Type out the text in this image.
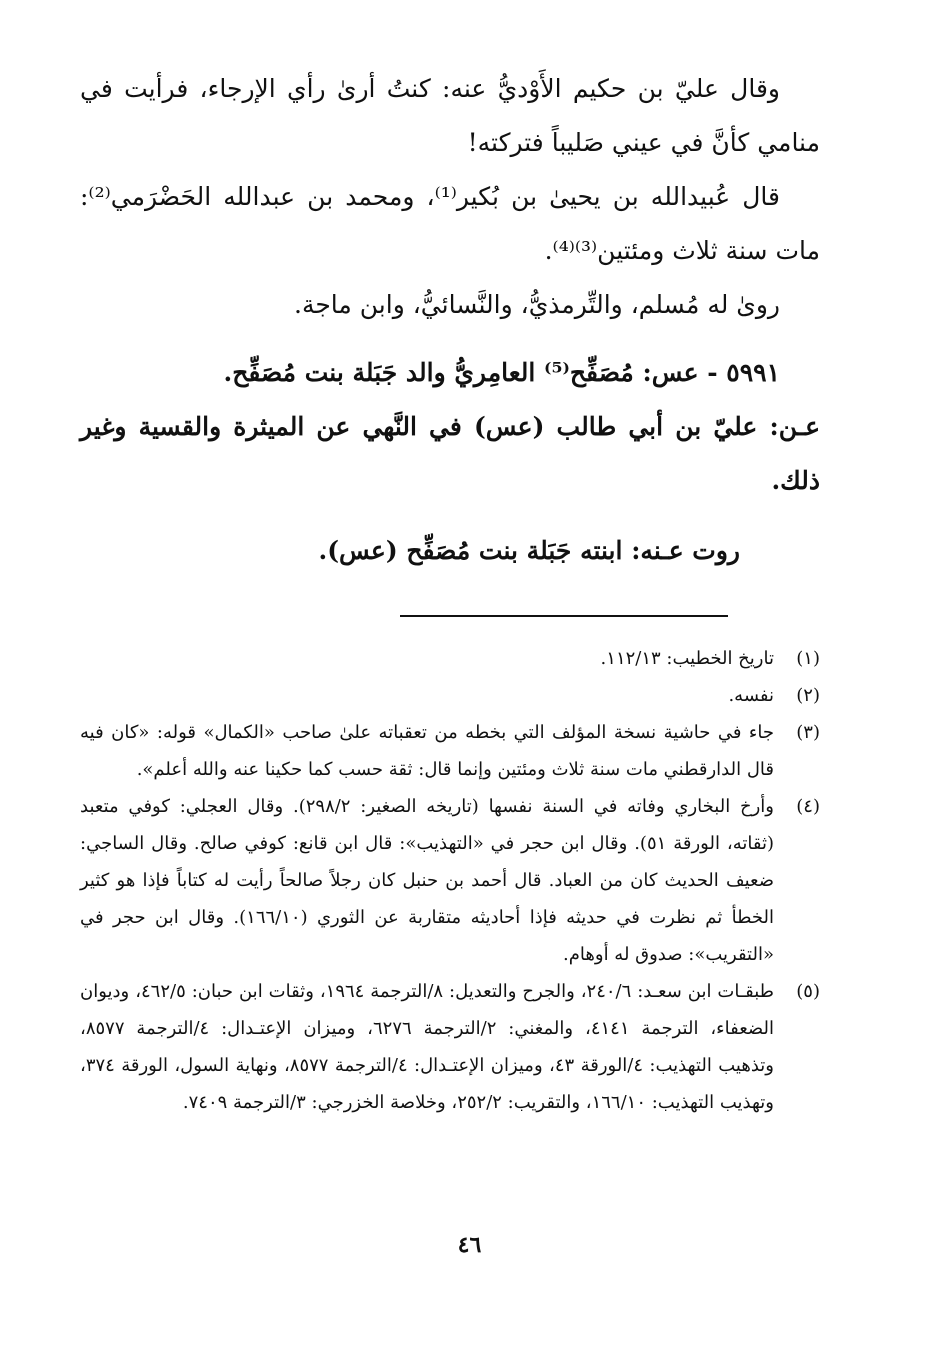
وقال عليّ بن حكيم الأَوْديُّ عنه: كنتُ أرىٰ رأي الإرجاء، فرأيت في منامي كأنَّ في عيني صَليباً فتركته!

قال عُبيدالله بن يحيىٰ بن بُكير⁽¹⁾، ومحمد بن عبدالله الحَضْرَمي⁽²⁾: مات سنة ثلاث ومئتين⁽³⁾⁽⁴⁾.

روىٰ له مُسلم، والتِّرمذيُّ، والنَّسائيُّ، وابن ماجة.

٥٩٩١ - عس: مُصَفِّح⁽⁵⁾ العامِريُّ والد جَبَلة بنت مُصَفِّح.

عـن: عليّ بن أبي طالب (عس) في النَّهي عن الميثرة والقسية وغير ذلك.

روت عـنه: ابنته جَبَلة بنت مُصَفِّح (عس).

(١)
تاريخ الخطيب: ١١٢/١٣.
(٢)
نفسه.
(٣)
جاء في حاشية نسخة المؤلف التي بخطه من تعقباته علىٰ صاحب «الكمال» قوله: «كان فيه قال الدارقطني مات سنة ثلاث ومئتين وإنما قال: ثقة حسب كما حكينا عنه والله أعلم».
(٤)
وأرخ البخاري وفاته في السنة نفسها (تاريخه الصغير: ٢٩٨/٢). وقال العجلي: كوفي متعبد (ثقاته، الورقة ٥١). وقال ابن حجر في «التهذيب»: قال ابن قانع: كوفي صالح. وقال الساجي: ضعيف الحديث كان من العباد. قال أحمد بن حنبل كان رجلاً صالحاً رأيت له كتاباً فإذا هو كثير الخطأ ثم نظرت في حديثه فإذا أحاديثه متقاربة عن الثوري (١٦٦/١٠). وقال ابن حجر في «التقريب»: صدوق له أوهام.
(٥)
طبقـات ابن سعـد: ٢٤٠/٦، والجرح والتعديل: ٨/الترجمة ١٩٦٤، وثقات ابن حبان: ٤٦٢/٥، وديوان الضعفاء، الترجمة ٤١٤١، والمغني: ٢/الترجمة ٦٢٧٦، وميزان الإعتـدال: ٤/الترجمة ٨٥٧٧، وتذهيب التهذيب: ٤/الورقة ٤٣، وميزان الإعتـدال: ٤/الترجمة ٨٥٧٧، ونهاية السول، الورقة ٣٧٤، وتهذيب التهذيب: ١٦٦/١٠، والتقريب: ٢٥٢/٢، وخلاصة الخزرجي: ٣/الترجمة ٧٤٠٩.
٤٦
